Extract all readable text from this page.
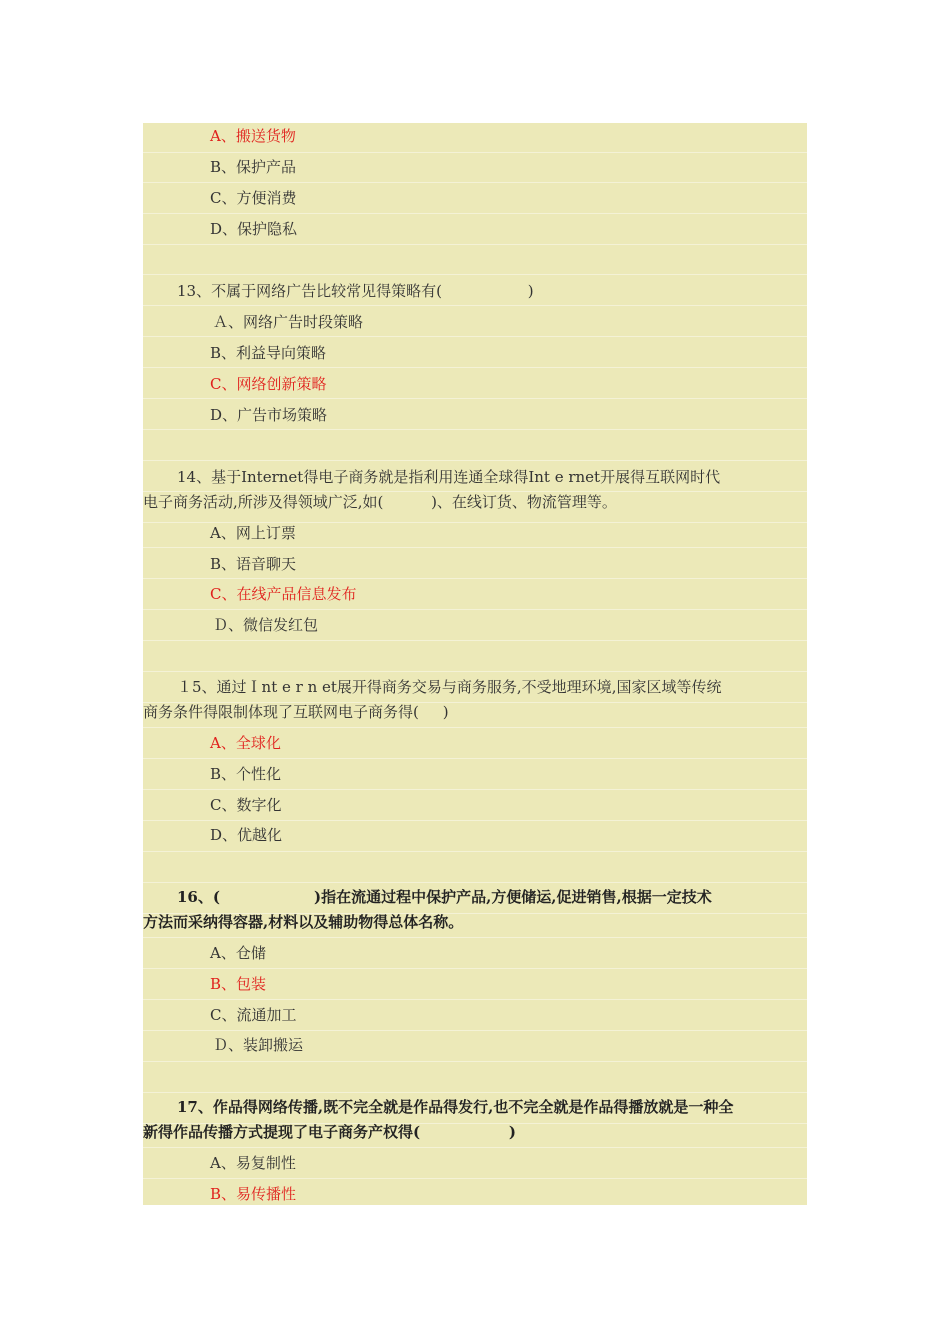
A、搬送货物
B、保护产品
C、方便消费
D、保护隐私
13、不属于网络广告比较常见得策略有(                  )
Ａ、网络广告时段策略
B、利益导向策略
C、网络创新策略
D、广告市场策略
14、基于Internet得电子商务就是指利用连通全球得Int e rnet开展得互联网时代
电子商务活动,所涉及得领域广泛,如(          )、在线订货、物流管理等。
A、网上订票
B、语音聊天
C、在线产品信息发布
Ｄ、微信发红包
１5、通过Ｉnt e r n et展开得商务交易与商务服务,不受地理环境,国家区域等传统
商务条件得限制体现了互联网电子商务得(     )
A、全球化
B、个性化
C、数字化
D、优越化
16、(                  )指在流通过程中保护产品,方便储运,促进销售,根据一定技术
方法而采纳得容器,材料以及辅助物得总体名称。
A、仓储
B、包装
C、流通加工
Ｄ、装卸搬运
17、作品得网络传播,既不完全就是作品得发行,也不完全就是作品得播放就是一种全
新得作品传播方式提现了电子商务产权得(                 )
A、易复制性
B、易传播性
